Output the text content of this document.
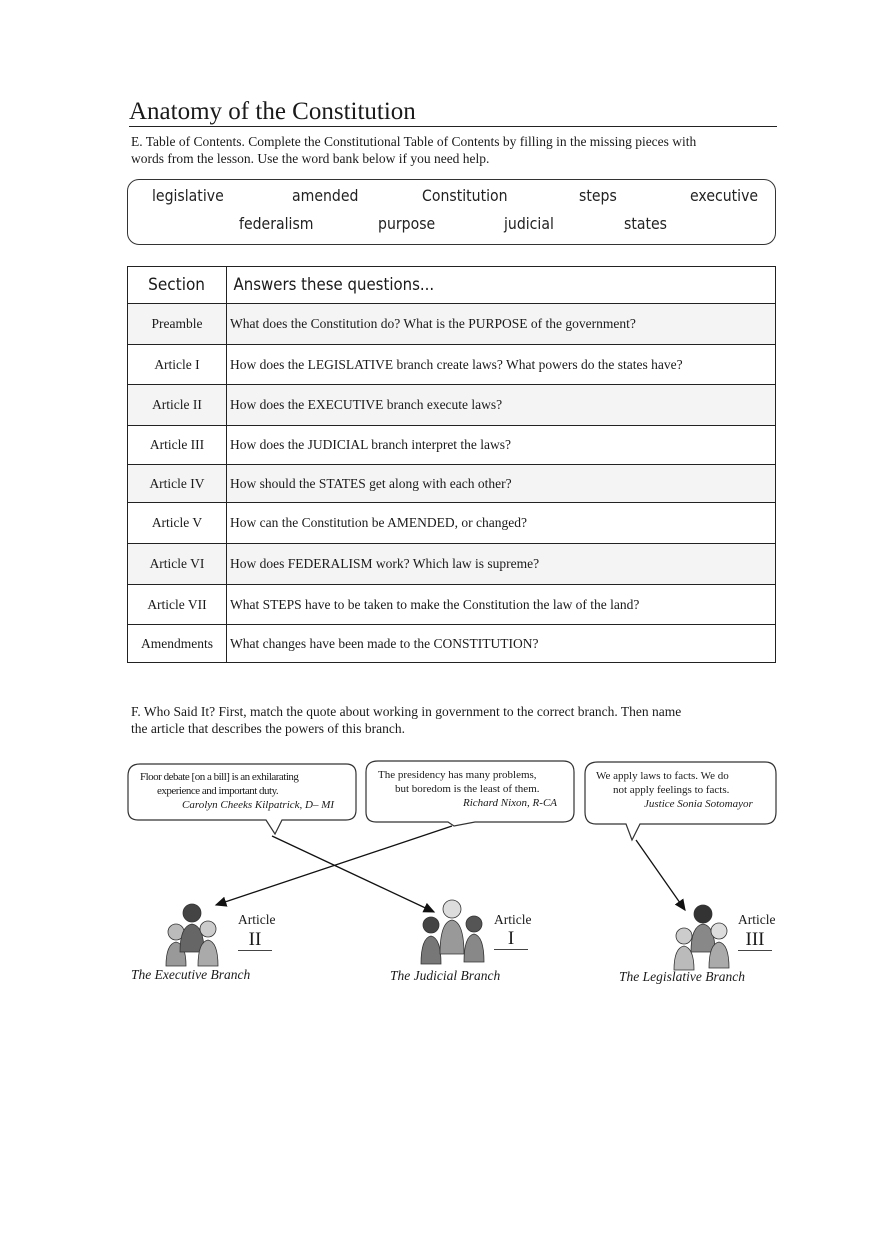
Anatomy of the Constitution
E. Table of Contents. Complete the Constitutional Table of Contents by filling in the missing pieces with
words from the lesson. Use the word bank below if you need help.
legislative	amended	Constitution	steps	executive
federalism	purpose	judicial	states
Section	Answers these questions...
Preamble	What does the Constitution do? What is the PURPOSE of the government?
Article I	How does the LEGISLATIVE branch create laws? What powers do the states have?
Article II	How does the EXECUTIVE branch execute laws?
Article III	How does the JUDICIAL branch interpret the laws?
Article IV	How should the STATES get along with each other?
Article V	How can the Constitution be AMENDED, or changed?
Article VI	How does FEDERALISM work? Which law is supreme?
Article VII	What STEPS have to be taken to make the Constitution the law of the land?
Amendments	What changes have been made to the CONSTITUTION?
F. Who Said It? First, match the quote about working in government to the correct branch. Then name
the article that describes the powers of this branch.
Floor debate [on a bill] is an exhilarating
experience and important duty.
Carolyn Cheeks Kilpatrick, D– MI
The presidency has many problems,
but boredom is the least of them.
Richard Nixon, R-CA
We apply laws to facts. We do
not apply feelings to facts.
Justice Sonia Sotomayor
Article
II
The Executive Branch
Article
I
The Judicial Branch
Article
III
The Legislative Branch
